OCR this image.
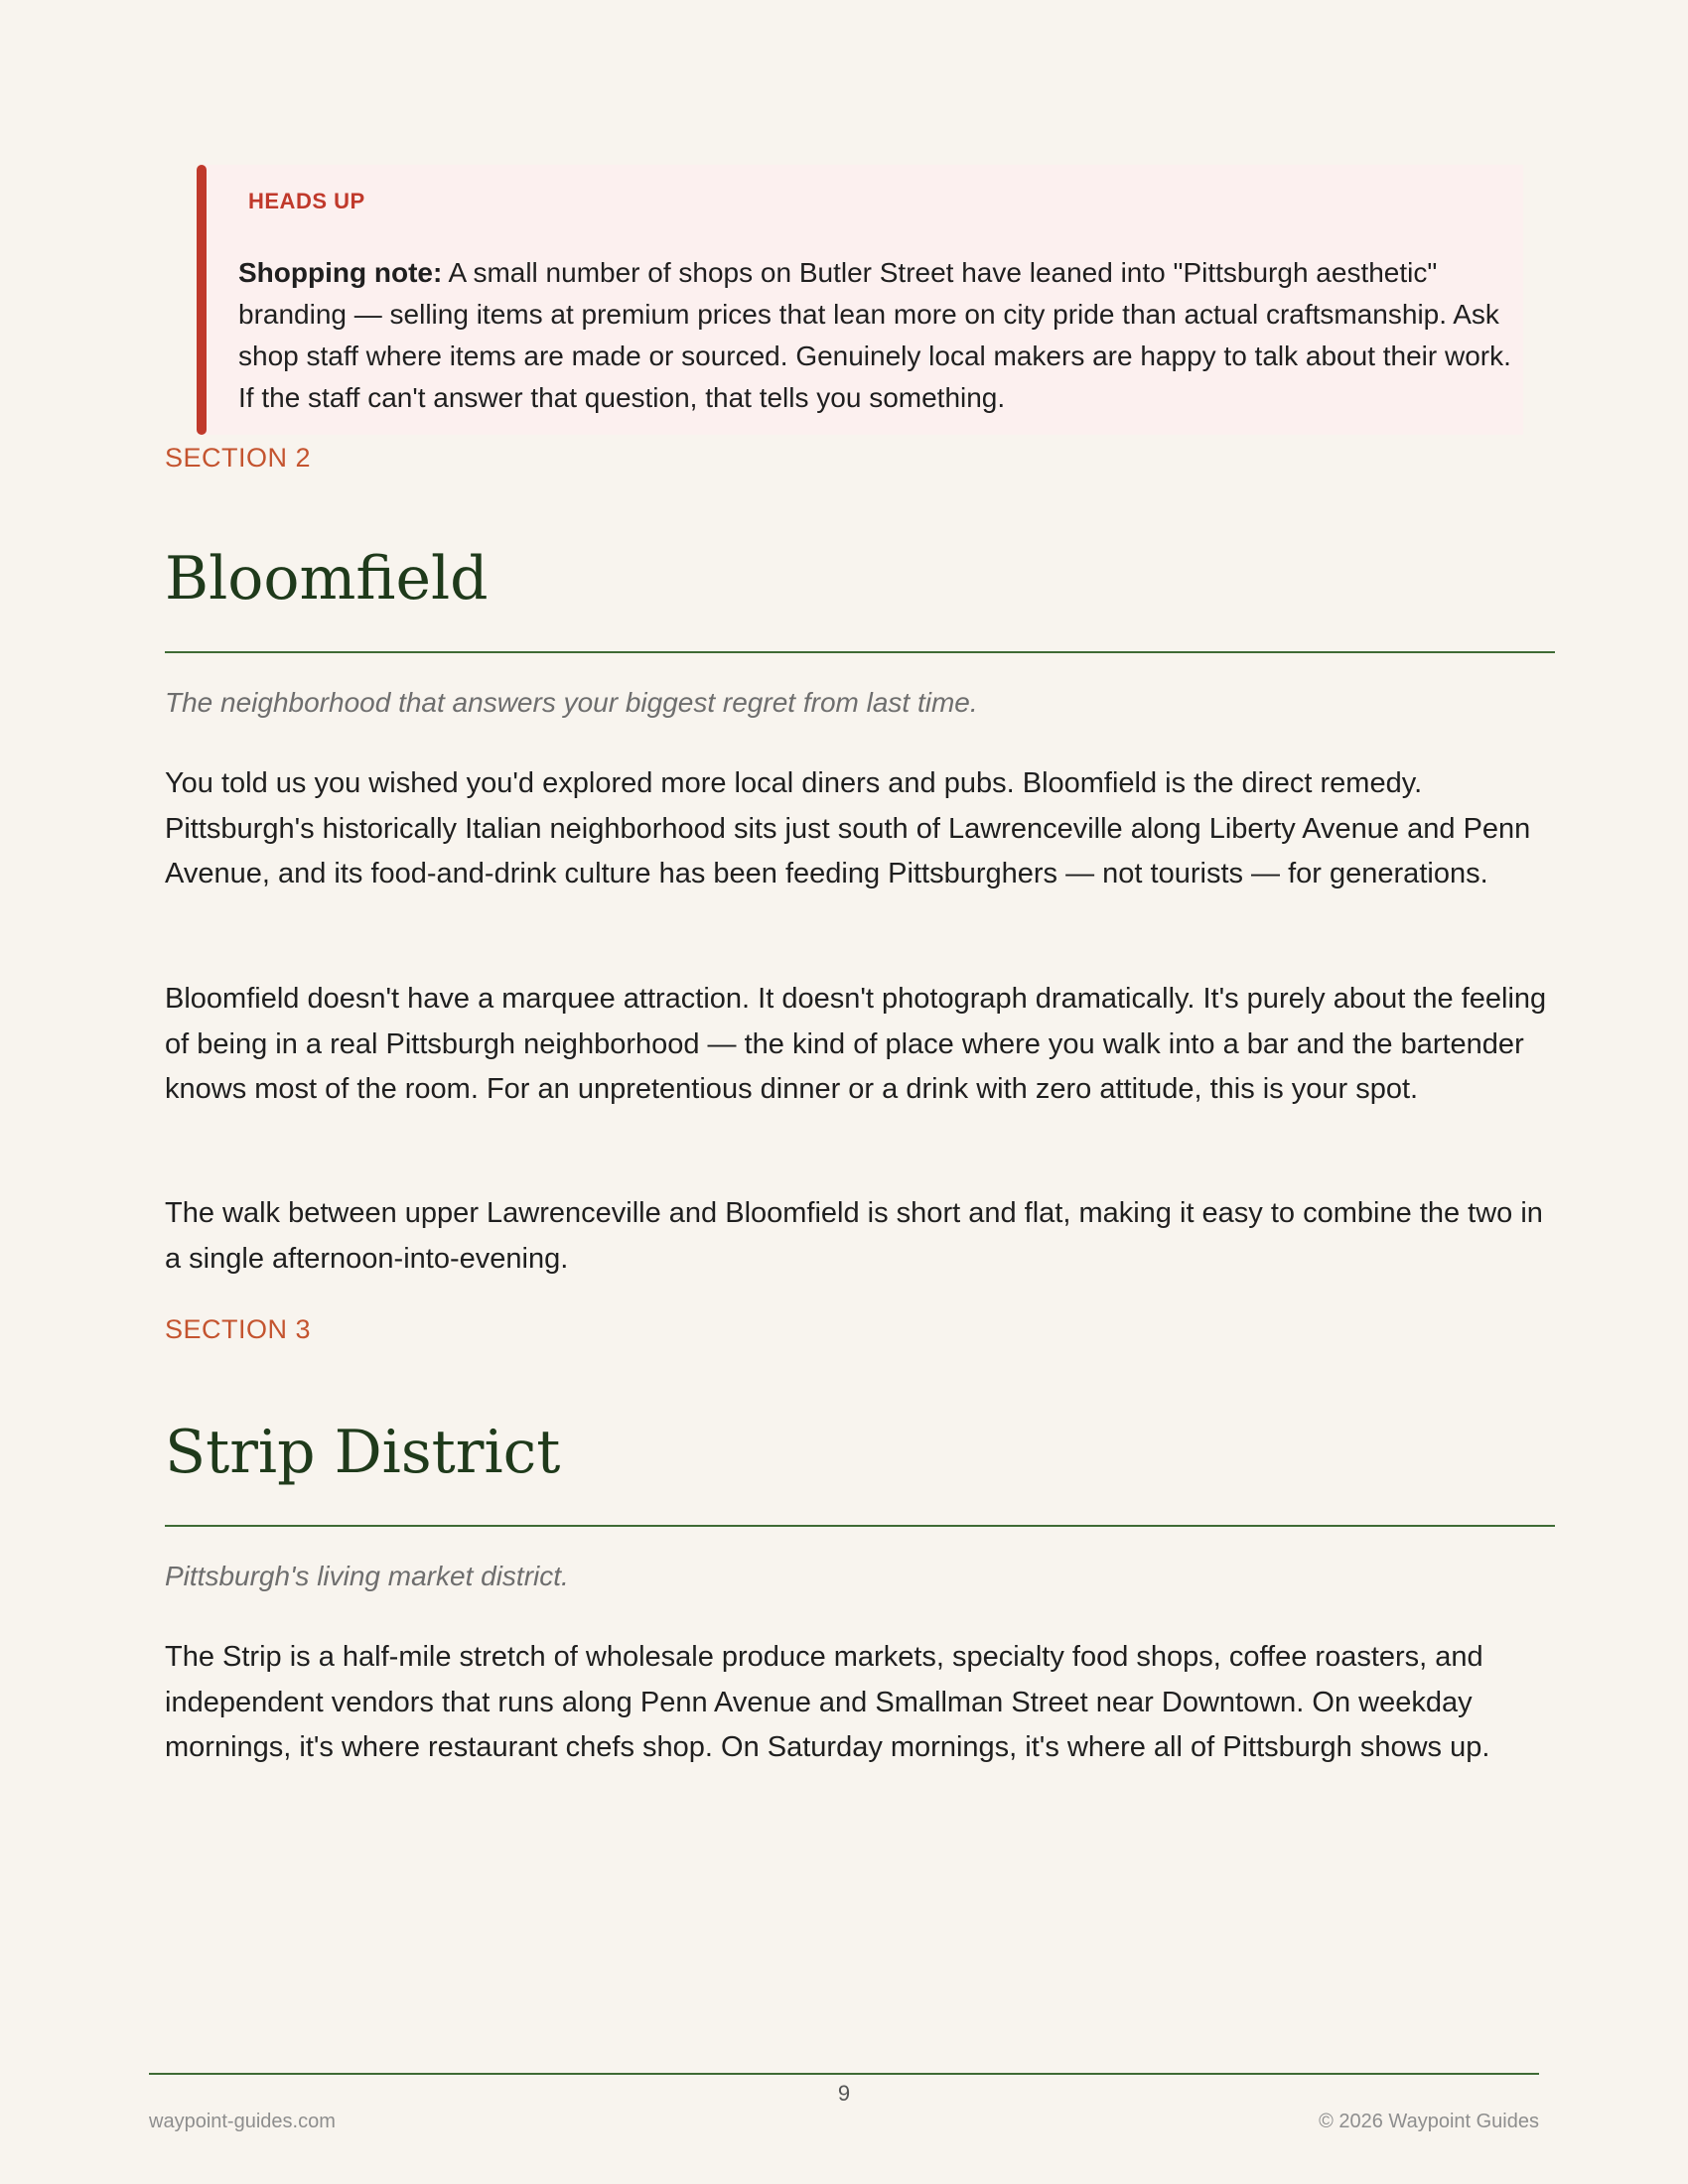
HEADS UP
Shopping note: A small number of shops on Butler Street have leaned into "Pittsburgh aesthetic" branding — selling items at premium prices that lean more on city pride than actual craftsmanship. Ask shop staff where items are made or sourced. Genuinely local makers are happy to talk about their work. If the staff can't answer that question, that tells you something.
SECTION 2
Bloomfield
The neighborhood that answers your biggest regret from last time.

You told us you wished you'd explored more local diners and pubs. Bloomfield is the direct remedy. Pittsburgh's historically Italian neighborhood sits just south of Lawrenceville along Liberty Avenue and Penn Avenue, and its food-and-drink culture has been feeding Pittsburghers — not tourists — for generations.

Bloomfield doesn't have a marquee attraction. It doesn't photograph dramatically. It's purely about the feeling of being in a real Pittsburgh neighborhood — the kind of place where you walk into a bar and the bartender knows most of the room. For an unpretentious dinner or a drink with zero attitude, this is your spot.

The walk between upper Lawrenceville and Bloomfield is short and flat, making it easy to combine the two in a single afternoon-into-evening.

SECTION 3
Strip District
Pittsburgh's living market district.

The Strip is a half-mile stretch of wholesale produce markets, specialty food shops, coffee roasters, and independent vendors that runs along Penn Avenue and Smallman Street near Downtown. On weekday mornings, it's where restaurant chefs shop. On Saturday mornings, it's where all of Pittsburgh shows up.

9
waypoint-guides.com	© 2026 Waypoint Guides
